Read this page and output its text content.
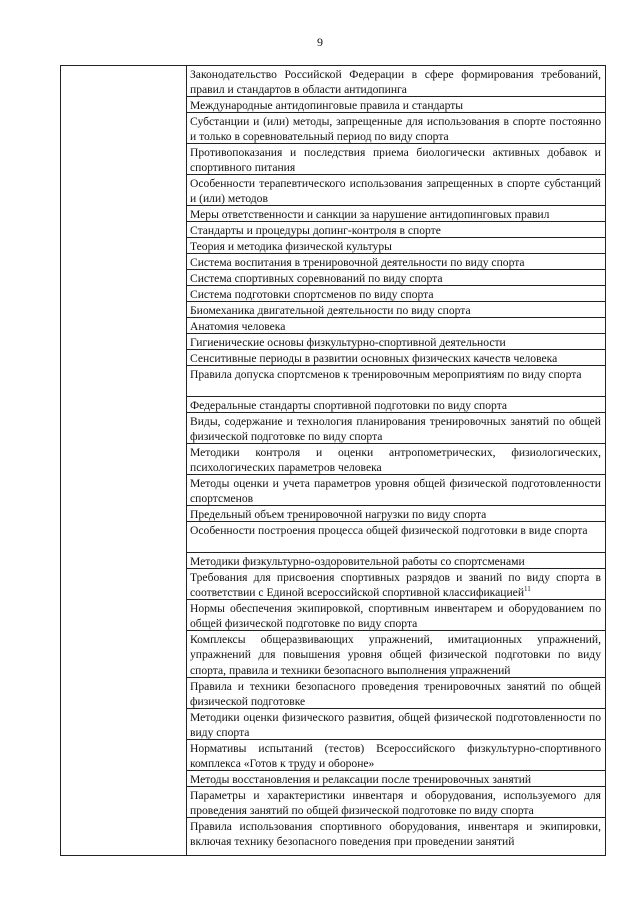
9
Законодательство Российской Федерации в сфере формирования требований, правил и стандартов в области антидопинга
Международные антидопинговые правила и стандарты
Субстанции и (или) методы, запрещенные для использования в спорте постоянно и только в соревновательный период по виду спорта
Противопоказания и последствия приема биологически активных добавок и спортивного питания
Особенности терапевтического использования запрещенных в спорте субстанций и (или) методов
Меры ответственности и санкции за нарушение антидопинговых правил
Стандарты и процедуры допинг-контроля в спорте
Теория и методика физической культуры
Система воспитания в тренировочной деятельности по виду спорта
Система спортивных соревнований по виду спорта
Система подготовки спортсменов по виду спорта
Биомеханика двигательной деятельности по виду спорта
Анатомия человека
Гигиенические основы физкультурно-спортивной деятельности
Сенситивные периоды в развитии основных физических качеств человека
Правила допуска спортсменов к тренировочным мероприятиям по виду спорта
Федеральные стандарты спортивной подготовки по виду спорта
Виды, содержание и технология планирования тренировочных занятий по общей физической подготовке по виду спорта
Методики контроля и оценки антропометрических, физиологических, психологических параметров человека
Методы оценки и учета параметров уровня общей физической подготовленности спортсменов
Предельный объем тренировочной нагрузки по виду спорта
Особенности построения процесса общей физической подготовки в виде спорта
Методики физкультурно-оздоровительной работы со спортсменами
Требования для присвоения спортивных разрядов и званий по виду спорта в соответствии с Единой всероссийской спортивной классификацией$^{11}$
Нормы обеспечения экипировкой, спортивным инвентарем и оборудованием по общей физической подготовке по виду спорта
Комплексы общеразвивающих упражнений, имитационных упражнений, упражнений для повышения уровня общей физической подготовки по виду спорта, правила и техники безопасного выполнения упражнений
Правила и техники безопасного проведения тренировочных занятий по общей физической подготовке
Методики оценки физического развития, общей физической подготовленности по виду спорта
Нормативы испытаний (тестов) Всероссийского физкультурно-спортивного комплекса «Готов к труду и обороне»
Методы восстановления и релаксации после тренировочных занятий
Параметры и характеристики инвентаря и оборудования, используемого для проведения занятий по общей физической подготовке по виду спорта
Правила использования спортивного оборудования, инвентаря и экипировки, включая технику безопасного поведения при проведении занятий
